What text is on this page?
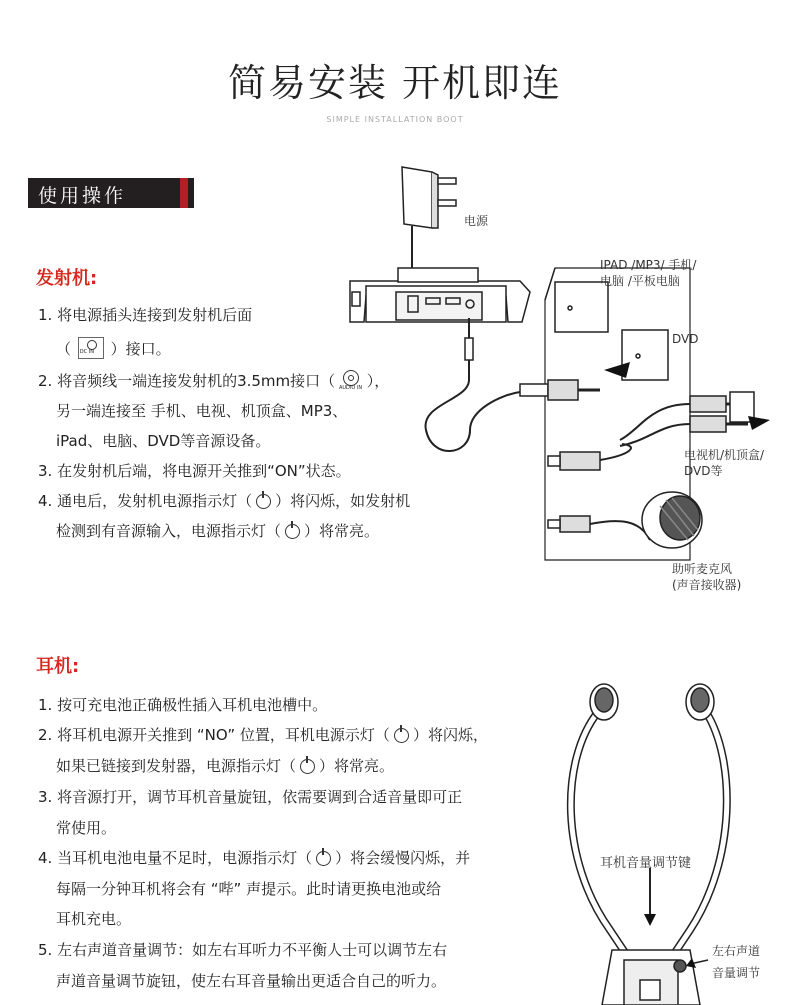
简易安装 开机即连
SIMPLE INSTALLATION BOOT
使用操作
发射机:
1. 将电源插头连接到发射机后面
（ DC IN ）接口。
2. 将音频线一端连接发射机的3.5mm接口（ AUDIO IN ），
另一端连接至 手机、电视、机顶盒、MP3、
iPad、电脑、DVD等音源设备。
3. 在发射机后端，将电源开关推到“ON”状态。
4. 通电后，发射机电源指示灯（ ）将闪烁，如发射机
检测到有音源输入，电源指示灯（ ）将常亮。
耳机:
1. 按可充电池正确极性插入耳机电池槽中。
2. 将耳机电源开关推到 “NO” 位置，耳机电源示灯（ ）将闪烁，
如果已链接到发射器，电源指示灯（ ）将常亮。
3. 将音源打开，调节耳机音量旋钮，依需要调到合适音量即可正
常使用。
4. 当耳机电池电量不足时，电源指示灯（ ）将会缓慢闪烁，并
每隔一分钟耳机将会有 “哔” 声提示。此时请更换电池或给
耳机充电。
5. 左右声道音量调节：如左右耳听力不平衡人士可以调节左右
声道音量调节旋钮，使左右耳音量输出更适合自己的听力。
电源
IPAD /MP3/ 手机/
电脑 /平板电脑
DVD
电视机/机顶盒/
DVD等
助听麦克风
(声音接收器)
耳机音量调节键
左右声道
音量调节
